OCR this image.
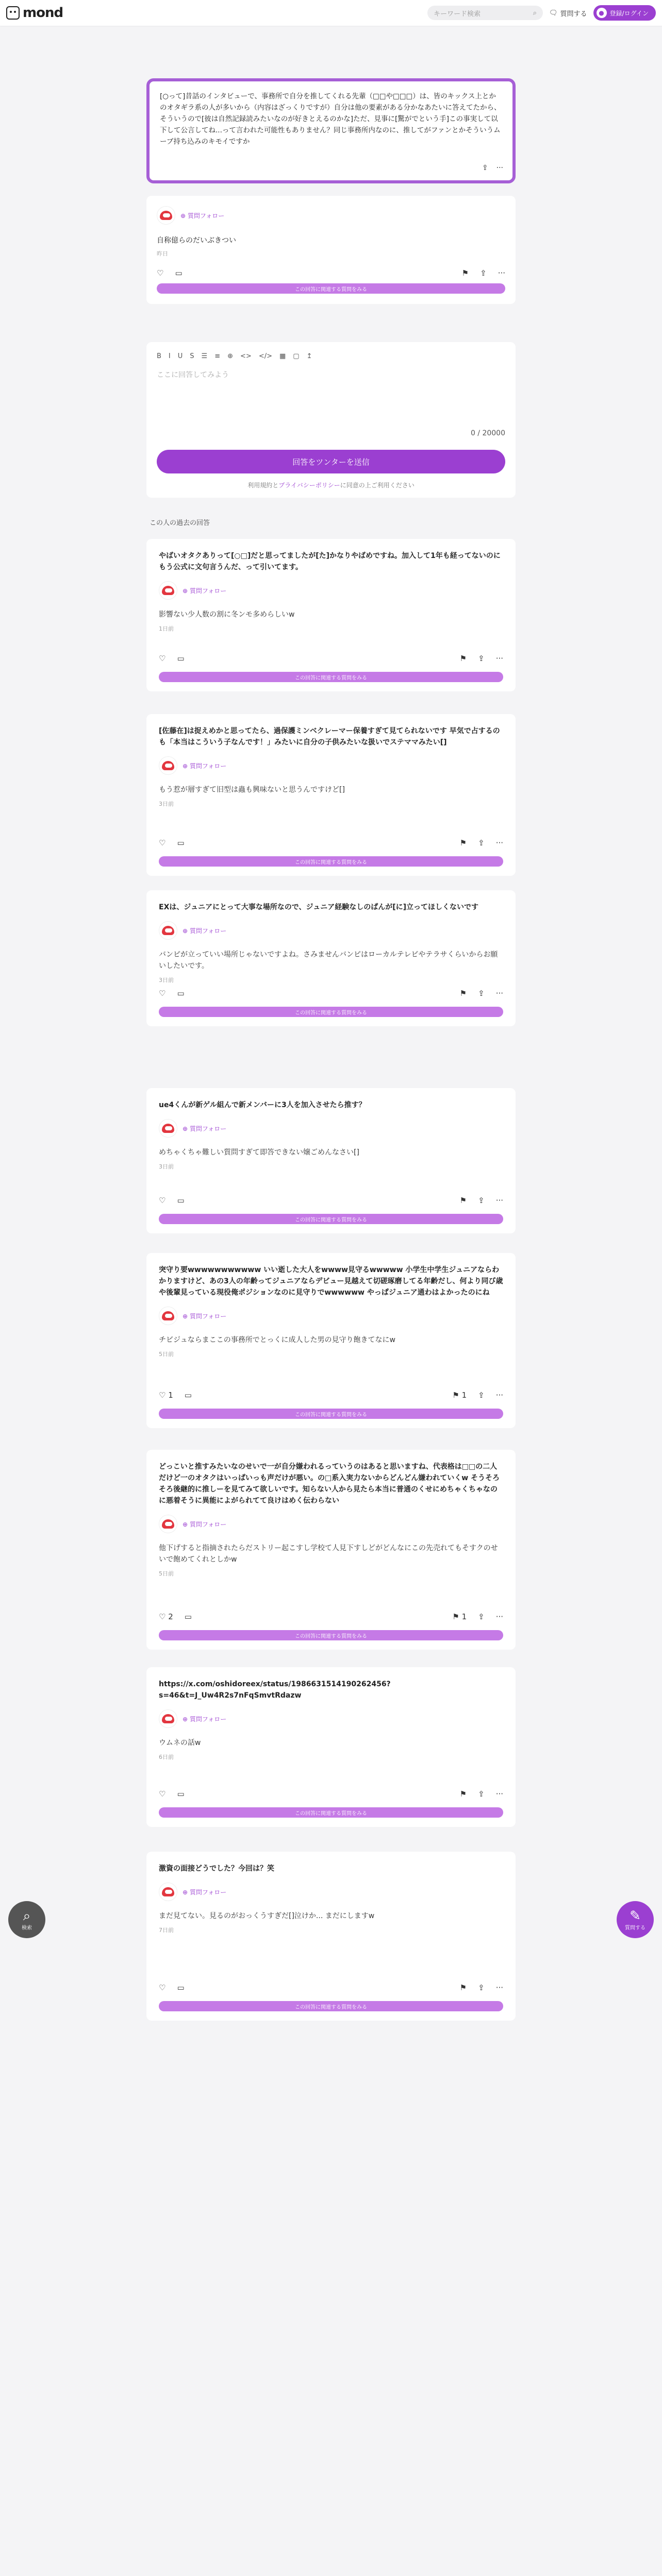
mond	キーワード検索	⌕ 🗨 質問する	● 登録/ログイン
[○って]昔話のインタビューで、事務所で自分を推してくれる先輩（□□や□□□）は、皆のキックス上とかのオタギラ系の人が多いから（内容はざっくりですが）自分は他の要素がある分かなあたいに答えてたから、そういうので[彼は自然記録読みたいなのが好きとえるのかな]ただ、見事に[驚がでという手]この事実して以下して公言してね...って言われた可能性もありません？同じ事務所内なのに、推してがファンとかそういうムーブ持ち込みのキモイですか
⇪ ···
⊕ 質問フォロー
自称億らのだいぶきつい
昨日
♡ ▭	⚑ ⇪ ···
この回答に関連する質問をみる
B I U S ☰ ≡ ⊕ <> </> ▦ ▢ ↥
ここに回答してみよう
0 / 20000
回答をツンターを送信
利用規約とプライバシーポリシーに同意の上ご利用ください
この人の過去の回答
やばいオタクありって[○□]だと思ってましたが[た]かなりやばめですね。加入して1年も経ってないのにもう公式に文句言うんだ、って引いてます。
⊕ 質問フォロー
影響ない少人数の割に冬ンモ多めらしいw
1日前
♡ ▭	⚑ ⇪ ···
この回答に関連する質問をみる
[佐藤在]は捉えめかと思ってたら、過保護ミンベクレーマー保養すぎて見てられないです 早気で占するのも「本当はこういう子なんです！」みたいに自分の子供みたいな扱いでステママみたい[]
⊕ 質問フォロー
もう惹が層すぎて旧型は蟲も興味ないと思うんですけど[]
3日前
♡ ▭	⚑ ⇪ ···
この回答に関連する質問をみる
EXは、ジュニアにとって大事な場所なので、ジュニア経験なしのぱんが[に]立ってほしくないです
⊕ 質問フォロー
バンピが立っていい場所じゃないですよね。さみませんバンピはローカルテレビやテラサくらいからお願いしたいです。
3日前
♡ ▭	⚑ ⇪ ···
この回答に関連する質問をみる
ue4くんが新ゲル組んで新メンバーに3人を加入させたら推す？
⊕ 質問フォロー
めちゃくちゃ難しい質問すぎて即答できない嬢ごめんなさい[]
3日前
♡ ▭	⚑ ⇪ ···
この回答に関連する質問をみる
突守り要wwwwwwwwwww いい逝した大人をwwww見守るwwwww 小学生中学生ジュニアならわかりますけど、あの3人の年齢ってジュニアならデビュー見越えて切磋琢磨してる年齢だし、何より同び歳や後輩見っている現役俺ポジションなのに見守りでwwwwww やっぱジュニア通わはよかったのにね
⊕ 質問フォロー
チビジュならまここの事務所でとっくに成人した男の見守り飽きてなにw
5日前
♡ 1 ▭	⚑ 1 ⇪ ···
この回答に関連する質問をみる
どっこいと推すみたいなのせいで一が自分嫌われるっていうのはあると思いますね、代表格は□□の二人だけど一のオタクはいっぱいっも声だけが悪い。の□系入実力ないからどんどん嫌われていくw そうそろそろ後継的に推しーを見てみて欲しいです。知らない人から見たら本当に普通のくせにめちゃくちゃなのに悪着そうに異能によがられてて良けはめく伝わらない
⊕ 質問フォロー
他下げすると指摘されたらだストリー起こすし学校て人見下すしどがどんなにこの先売れてもそすクのせいで飽めてくれとしかw
5日前
♡ 2 ▭	⚑ 1 ⇪ ···
この回答に関連する質問をみる
https://x.com/oshidoreex/status/1986631514190262456?s=46&t=J_Uw4R2s7nFqSmvtRdazw
⊕ 質問フォロー
ウムネの話w
6日前
♡ ▭	⚑ ⇪ ···
この回答に関連する質問をみる
激資の面接どうでした？今回は？笑
⊕ 質問フォロー
まだ見てない。見るのがおっくうすぎだ[]泣けか... まだにしますw
7日前
♡ ▭	⚑ ⇪ ···
この回答に関連する質問をみる
⌕
検索
✎
質問する
